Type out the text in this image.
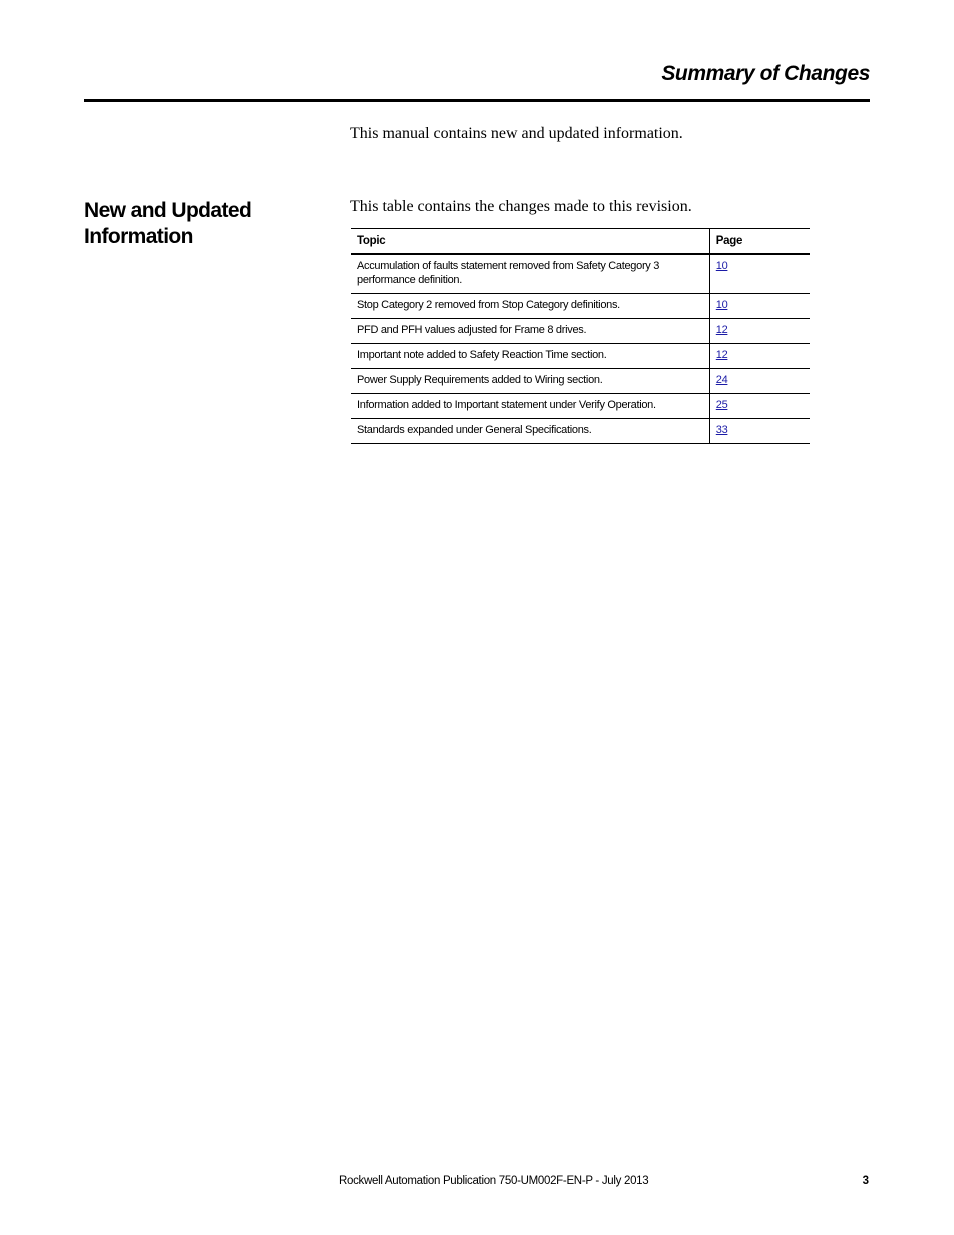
Summary of Changes

This manual contains new and updated information.

New and Updated
Information

This table contains the changes made to this revision.

Topic	Page
Accumulation of faults statement removed from Safety Category 3 performance definition.	10
Stop Category 2 removed from Stop Category definitions.	10
PFD and PFH values adjusted for Frame 8 drives.	12
Important note added to Safety Reaction Time section.	12
Power Supply Requirements added to Wiring section.	24
Information added to Important statement under Verify Operation.	25
Standards expanded under General Specifications.	33

Rockwell Automation Publication 750-UM002F-EN-P - July 2013	3
